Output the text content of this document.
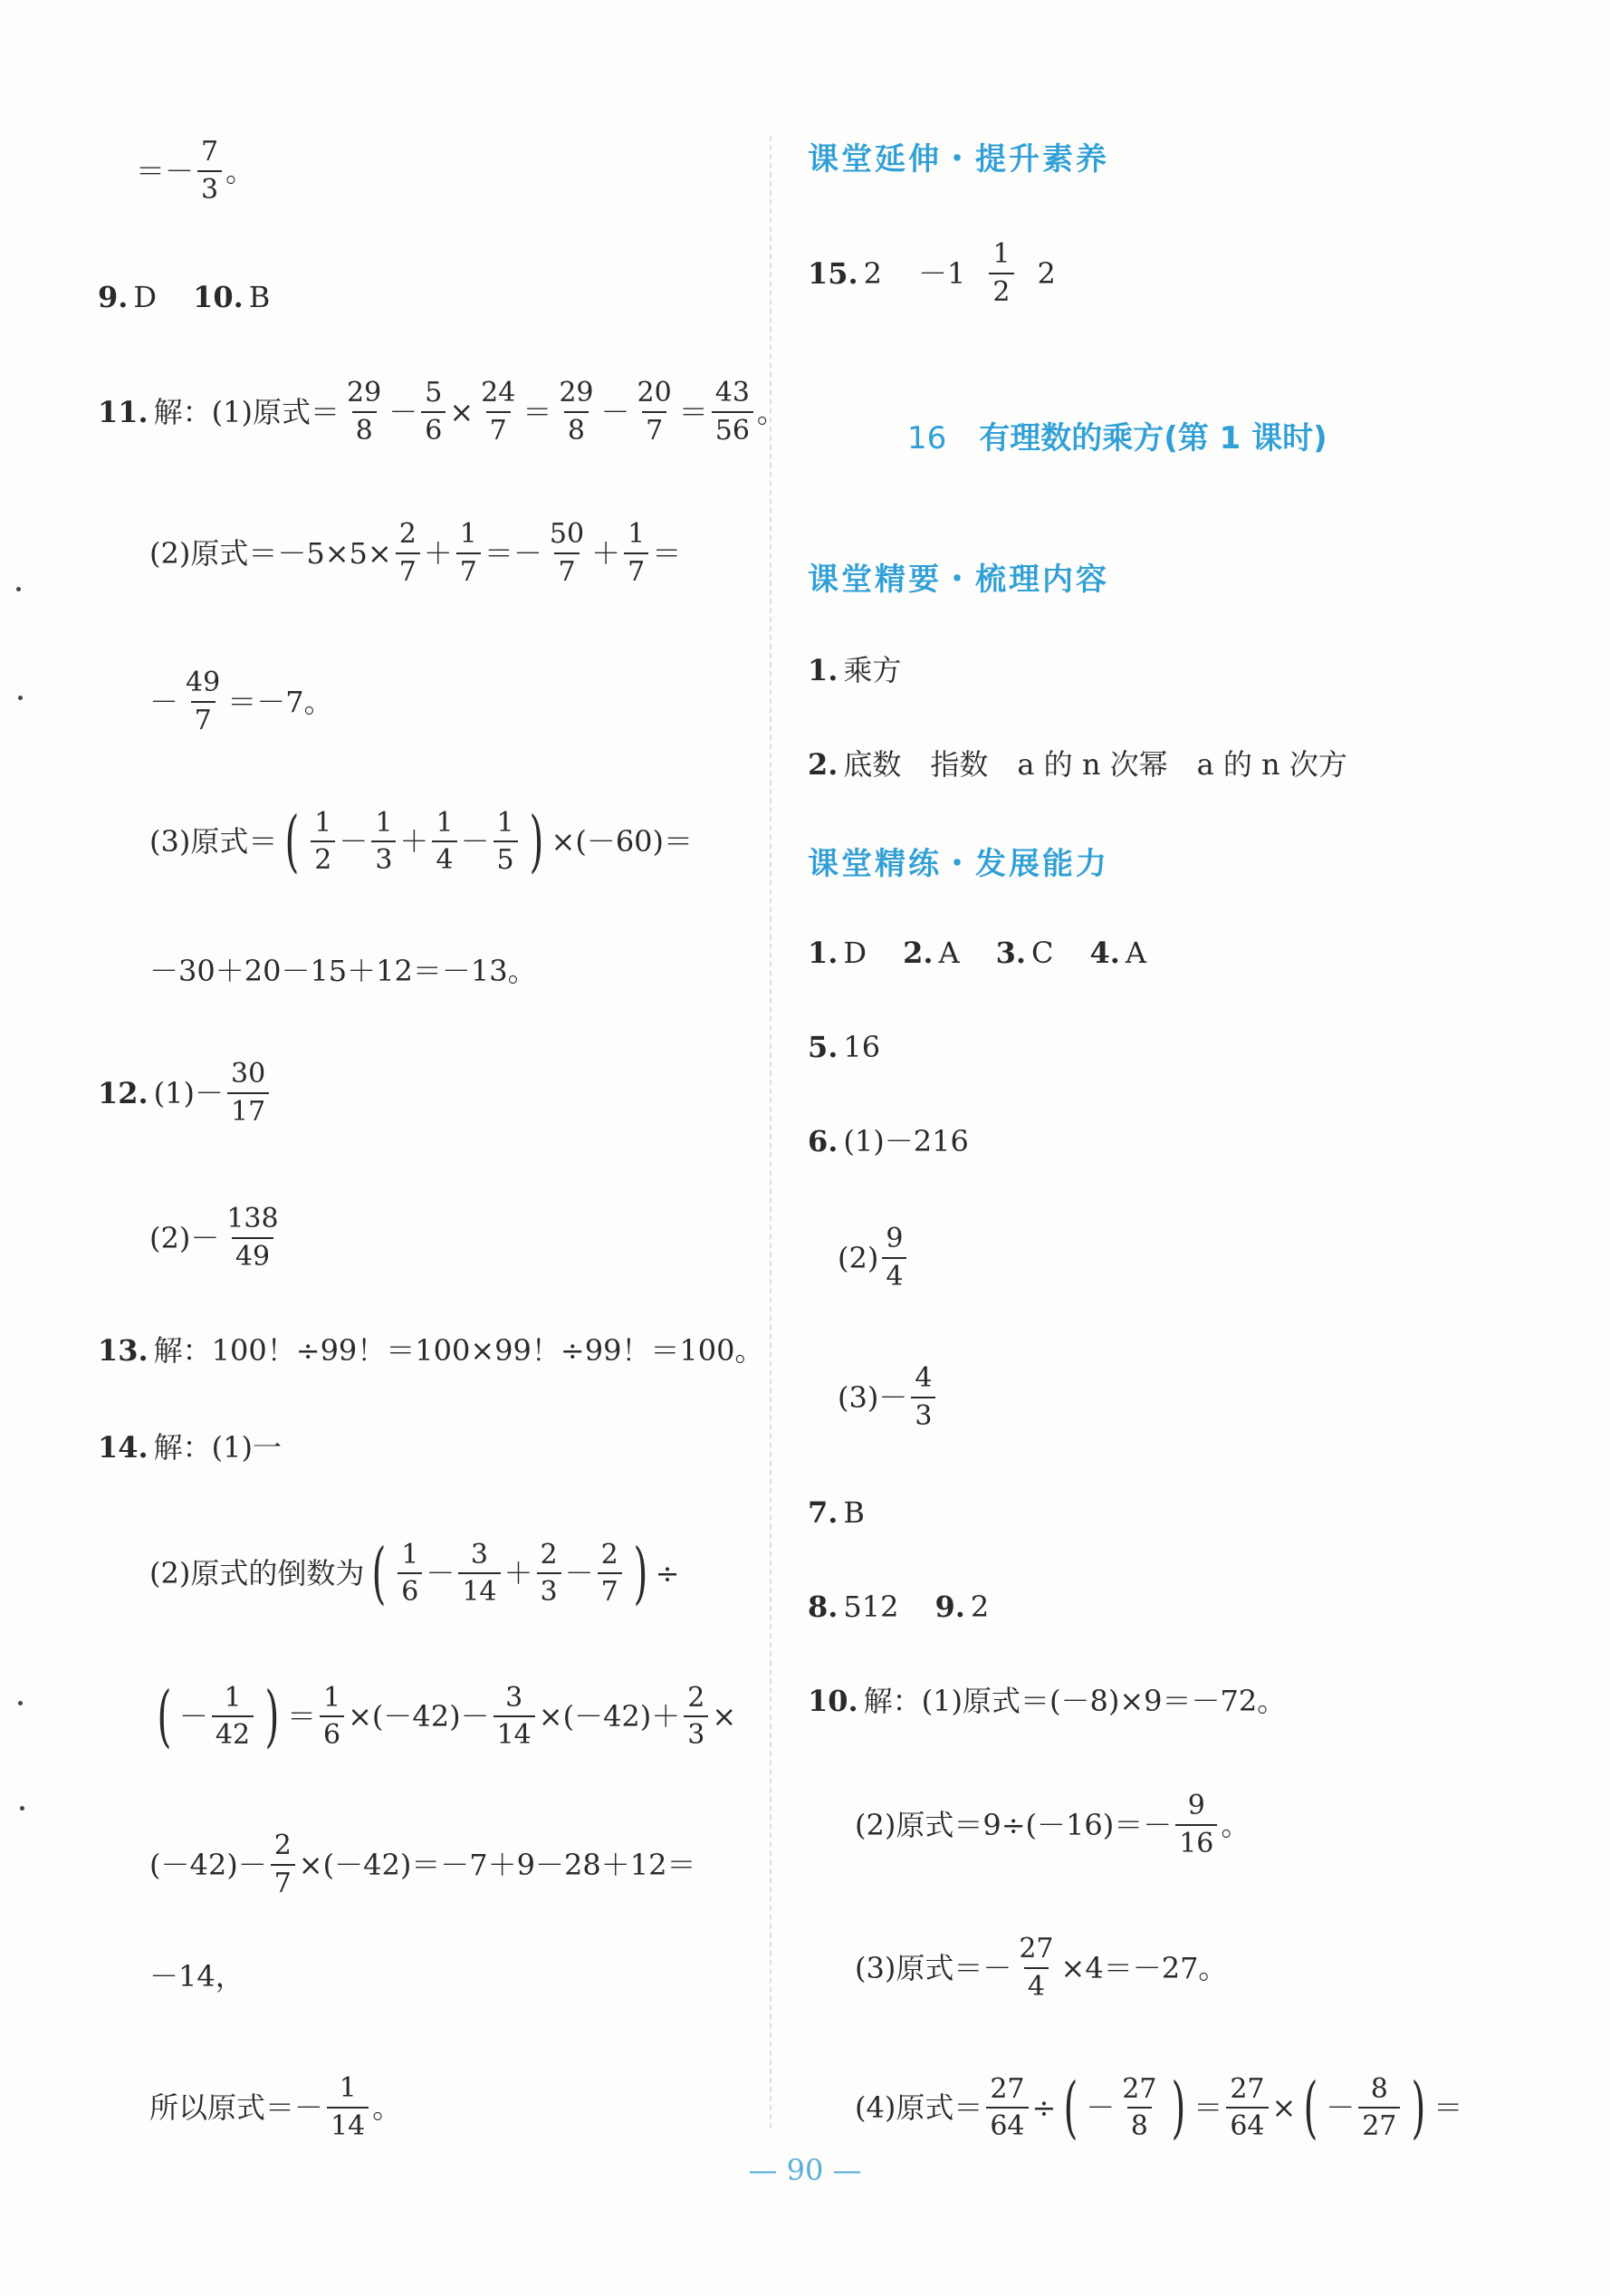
＝－ $\frac{7}{3}$ 。
9. D 10. B
11. 解：(1)原式＝ $\frac{29}{8} - \frac{5}{6} \times \frac{24}{7} = \frac{29}{8} - \frac{20}{7} = \frac{43}{56}$ 。
(2)原式$=-5\times 5\times \frac{2}{7} + \frac{1}{7} =- \frac{50}{7} + \frac{1}{7}$ ＝
－ $\frac{49}{7} =-7$。
(3)原式＝ ( $\frac{1}{2} - \frac{1}{3} + \frac{1}{4} - \frac{1}{5}$ ) ×(－60)＝
－30＋20－15＋12＝－13。
12. $(1)- \frac{30}{17}$
$(2)- \frac{138}{49}$
13. 解：100！÷99！＝100×99！÷99！＝100。
14. 解：(1)一
(2)原式的倒数为 ( $\frac{1}{6} - \frac{3}{14} + \frac{2}{3} - \frac{2}{7}$ ) ÷
( － $\frac{1}{42}$ ) ＝ $\frac{1}{6} \times(-42)- \frac{3}{14} \times(-42)+ \frac{2}{3}$ ×
$(-42)- \frac{2}{7} \times(-42)=-7+9-28+12=$
－14，
所以原式＝－ $\frac{1}{14}$ 。
课堂延伸・提升素养
15. $2 -1 \frac{1}{2} 2$
16 有理数的乘方(第 1 课时)
课堂精要・梳理内容
1. 乘方
2. 底数　指数　a 的 n 次幂　a 的 n 次方
课堂精练・发展能力
1. D 2. A 3. C 4. A
5. 16
6. (1)－216
$(2) \frac{9}{4}$
$(3)- \frac{4}{3}$
7. B
8. 512 9. 2
10. 解：(1)原式＝(－8)×9＝－72。
(2)原式$=9\div(-16)=- \frac{9}{16}$ 。
(3)原式＝－ $\frac{27}{4} \times 4=-27$。
(4)原式＝ $\frac{27}{64}$ ÷ ( － $\frac{27}{8}$ ) ＝ $\frac{27}{64}$ × ( － $\frac{8}{27}$ ) ＝
— 90 —
